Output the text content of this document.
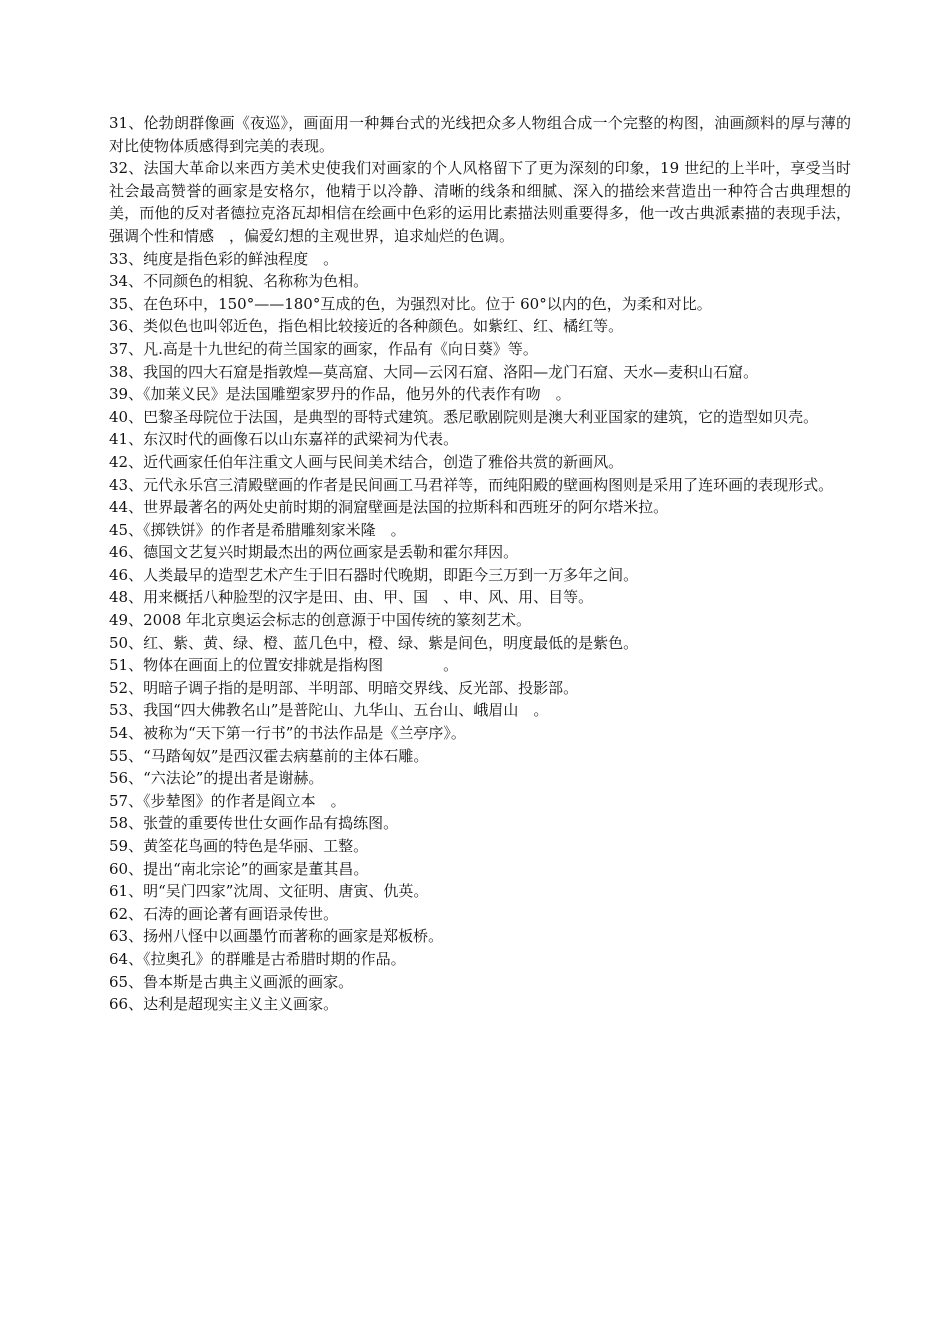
31、伦勃朗群像画《夜巡》，画面用一种舞台式的光线把众多人物组合成一个完整的构图，油画颜料的厚与薄的对比使物体质感得到完美的表现。

32、法国大革命以来西方美术史使我们对画家的个人风格留下了更为深刻的印象，19 世纪的上半叶，享受当时社会最高赞誉的画家是安格尔，他精于以冷静、清晰的线条和细腻、深入的描绘来营造出一种符合古典理想的美，而他的反对者德拉克洛瓦却相信在绘画中色彩的运用比素描法则重要得多，他一改古典派素描的表现手法，强调个性和情感　，偏爱幻想的主观世界，追求灿烂的色调。

33、纯度是指色彩的鲜浊程度　。

34、不同颜色的相貌、名称称为色相。

35、在色环中，150°——180°互成的色，为强烈对比。位于 60°以内的色，为柔和对比。

36、类似色也叫邻近色，指色相比较接近的各种颜色。如紫红、红、橘红等。

37、凡.高是十九世纪的荷兰国家的画家，作品有《向日葵》等。

38、我国的四大石窟是指敦煌—莫高窟、大同—云冈石窟、洛阳—龙门石窟、天水—麦积山石窟。

39、《加莱义民》是法国雕塑家罗丹的作品，他另外的代表作有吻　。

40、巴黎圣母院位于法国，是典型的哥特式建筑。悉尼歌剧院则是澳大利亚国家的建筑，它的造型如贝壳。

41、东汉时代的画像石以山东嘉祥的武梁祠为代表。

42、近代画家任伯年注重文人画与民间美术结合，创造了雅俗共赏的新画风。

43、元代永乐宫三清殿壁画的作者是民间画工马君祥等，而纯阳殿的壁画构图则是采用了连环画的表现形式。

44、世界最著名的两处史前时期的洞窟壁画是法国的拉斯科和西班牙的阿尔塔米拉。

45、《掷铁饼》的作者是希腊雕刻家米隆　。

46、德国文艺复兴时期最杰出的两位画家是丢勒和霍尔拜因。

46、人类最早的造型艺术产生于旧石器时代晚期，即距今三万到一万多年之间。

48、用来概括八种脸型的汉字是田、由、甲、国　、申、风、用、目等。

49、2008 年北京奥运会标志的创意源于中国传统的篆刻艺术。

50、红、紫、黄、绿、橙、蓝几色中，橙、绿、紫是间色，明度最低的是紫色。

51、物体在画面上的位置安排就是指构图　　　　。

52、明暗子调子指的是明部、半明部、明暗交界线、反光部、投影部。

53、我国“四大佛教名山”是普陀山、九华山、五台山、峨眉山　。

54、被称为“天下第一行书”的书法作品是《兰亭序》。

55、“马踏匈奴”是西汉霍去病墓前的主体石雕。

56、“六法论”的提出者是谢赫。

57、《步辇图》的作者是阎立本　。

58、张萱的重要传世仕女画作品有捣练图。

59、黄筌花鸟画的特色是华丽、工整。

60、提出“南北宗论”的画家是董其昌。

61、明“吴门四家”沈周、文征明、唐寅、仇英。

62、石涛的画论著有画语录传世。

63、扬州八怪中以画墨竹而著称的画家是郑板桥。

64、《拉奥孔》的群雕是古希腊时期的作品。

65、鲁本斯是古典主义画派的画家。

66、达利是超现实主义主义画家。
